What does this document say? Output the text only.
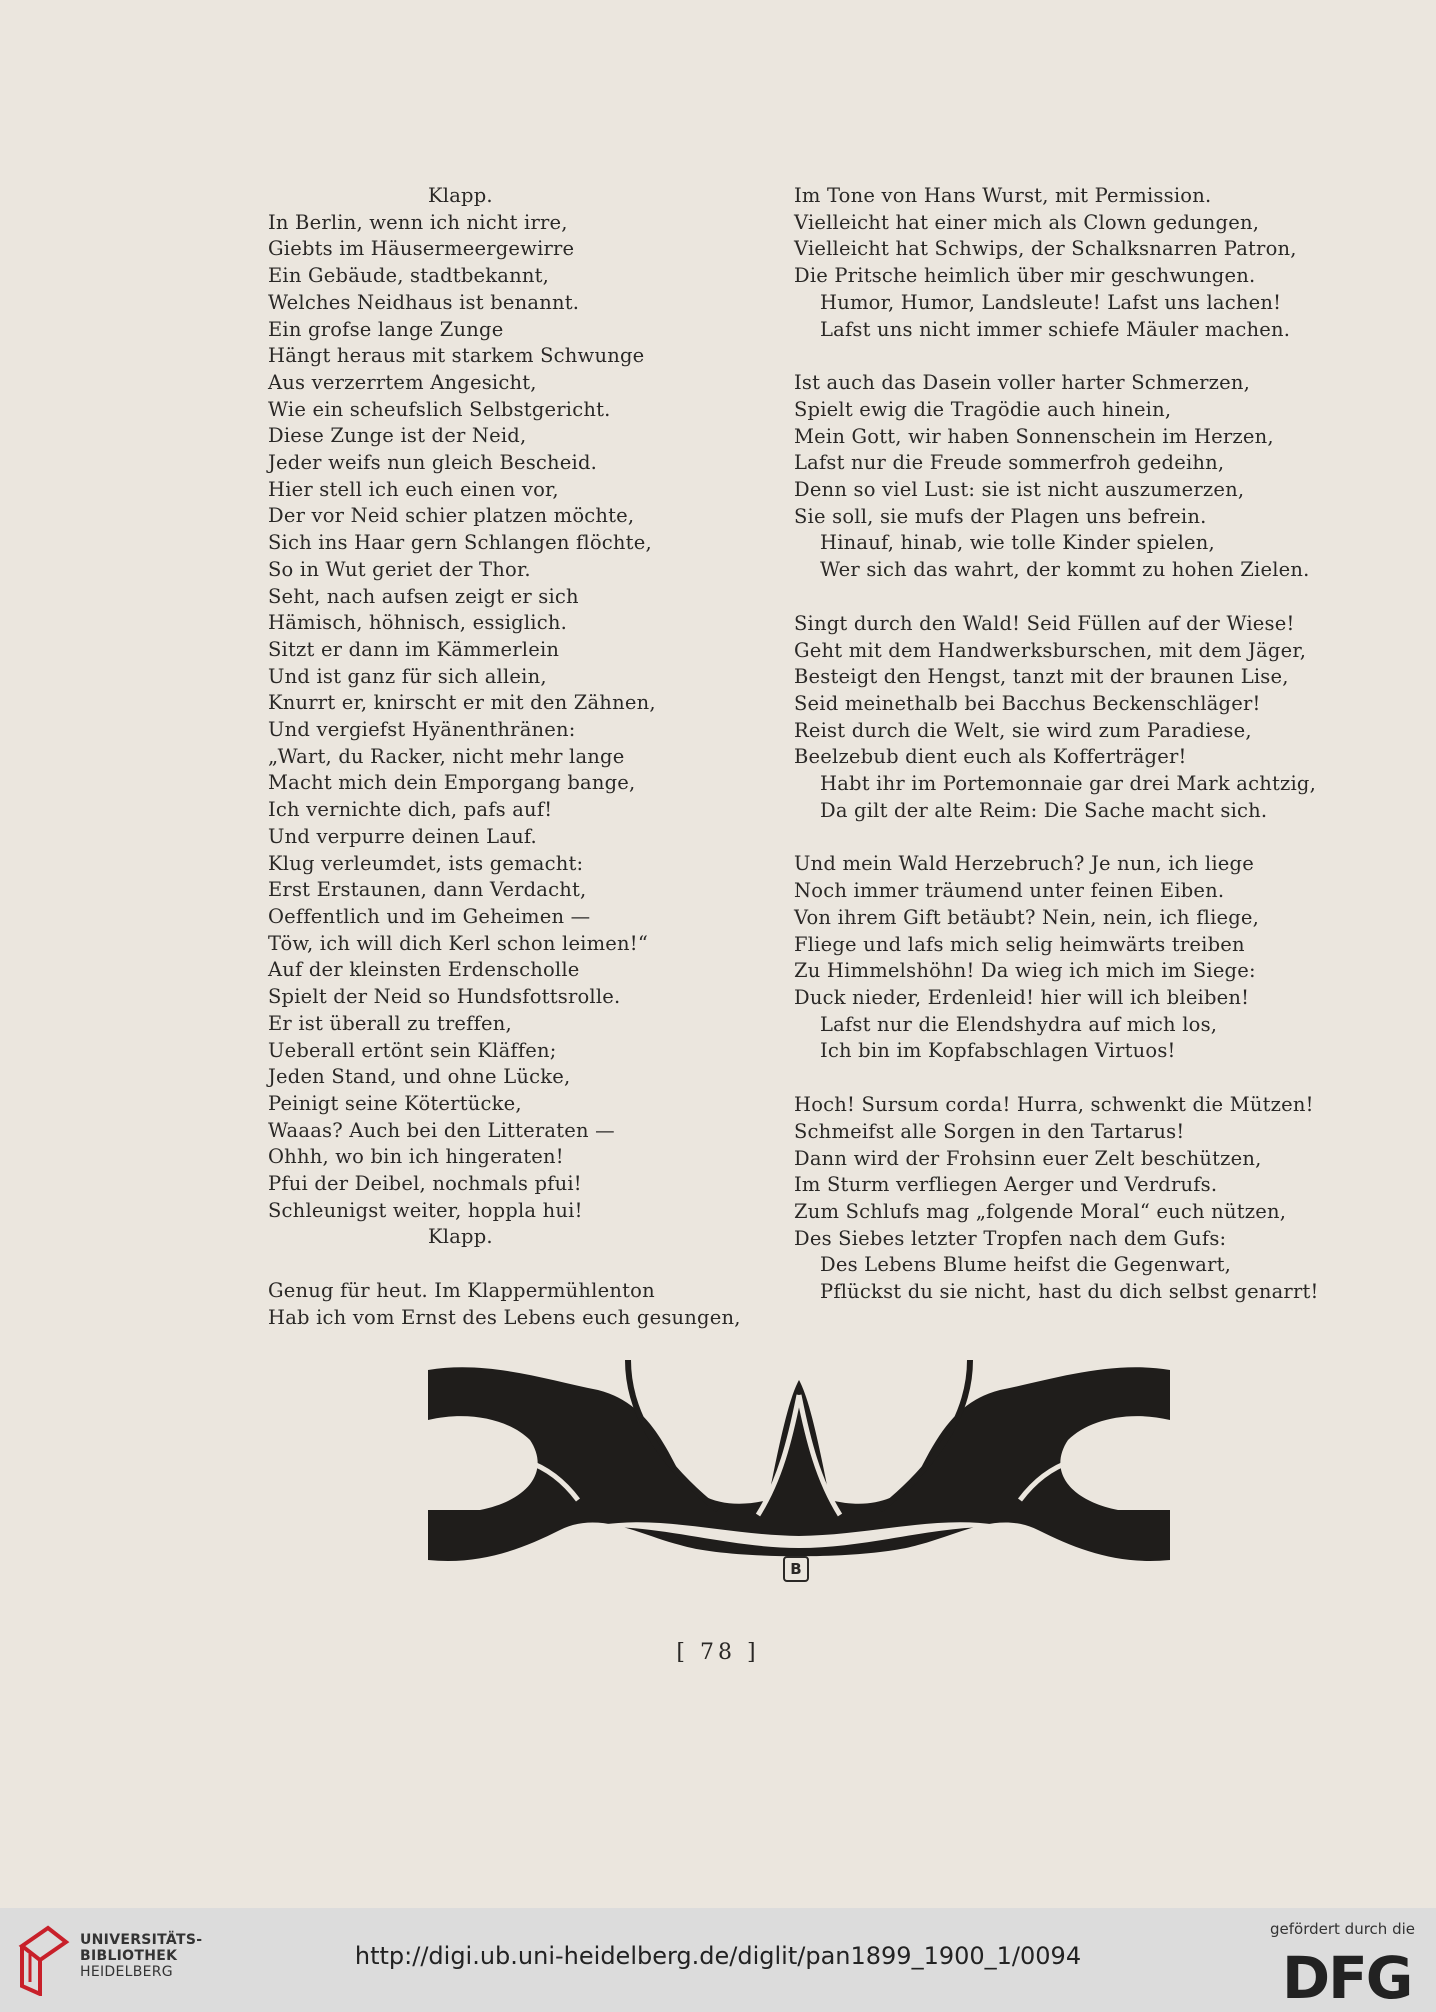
Klapp.
In Berlin, wenn ich nicht irre,
Giebts im Häusermeergewirre
Ein Gebäude, stadtbekannt,
Welches Neidhaus ist benannt.
Ein grofse lange Zunge
Hängt heraus mit starkem Schwunge
Aus verzerrtem Angesicht,
Wie ein scheufslich Selbstgericht.
Diese Zunge ist der Neid,
Jeder weifs nun gleich Bescheid.
Hier stell ich euch einen vor,
Der vor Neid schier platzen möchte,
Sich ins Haar gern Schlangen flöchte,
So in Wut geriet der Thor.
Seht, nach aufsen zeigt er sich
Hämisch, höhnisch, essiglich.
Sitzt er dann im Kämmerlein
Und ist ganz für sich allein,
Knurrt er, knirscht er mit den Zähnen,
Und vergiefst Hyänenthränen:
„Wart, du Racker, nicht mehr lange
Macht mich dein Emporgang bange,
Ich vernichte dich, pafs auf!
Und verpurre deinen Lauf.
Klug verleumdet, ists gemacht:
Erst Erstaunen, dann Verdacht,
Oeffentlich und im Geheimen —
Töw, ich will dich Kerl schon leimen!“
Auf der kleinsten Erdenscholle
Spielt der Neid so Hundsfottsrolle.
Er ist überall zu treffen,
Ueberall ertönt sein Kläffen;
Jeden Stand, und ohne Lücke,
Peinigt seine Kötertücke,
Waaas? Auch bei den Litteraten —
Ohhh, wo bin ich hingeraten!
Pfui der Deibel, nochmals pfui!
Schleunigst weiter, hoppla hui!
Klapp.
Genug für heut. Im Klappermühlenton
Hab ich vom Ernst des Lebens euch gesungen,
Im Tone von Hans Wurst, mit Permission.
Vielleicht hat einer mich als Clown gedungen,
Vielleicht hat Schwips, der Schalksnarren Patron,
Die Pritsche heimlich über mir geschwungen.
Humor, Humor, Landsleute! Lafst uns lachen!
Lafst uns nicht immer schiefe Mäuler machen.
Ist auch das Dasein voller harter Schmerzen,
Spielt ewig die Tragödie auch hinein,
Mein Gott, wir haben Sonnenschein im Herzen,
Lafst nur die Freude sommerfroh gedeihn,
Denn so viel Lust: sie ist nicht auszumerzen,
Sie soll, sie mufs der Plagen uns befrein.
Hinauf, hinab, wie tolle Kinder spielen,
Wer sich das wahrt, der kommt zu hohen Zielen.
Singt durch den Wald! Seid Füllen auf der Wiese!
Geht mit dem Handwerksburschen, mit dem Jäger,
Besteigt den Hengst, tanzt mit der braunen Lise,
Seid meinethalb bei Bacchus Beckenschläger!
Reist durch die Welt, sie wird zum Paradiese,
Beelzebub dient euch als Kofferträger!
Habt ihr im Portemonnaie gar drei Mark achtzig,
Da gilt der alte Reim: Die Sache macht sich.
Und mein Wald Herzebruch? Je nun, ich liege
Noch immer träumend unter feinen Eiben.
Von ihrem Gift betäubt? Nein, nein, ich fliege,
Fliege und lafs mich selig heimwärts treiben
Zu Himmelshöhn! Da wieg ich mich im Siege:
Duck nieder, Erdenleid! hier will ich bleiben!
Lafst nur die Elendshydra auf mich los,
Ich bin im Kopfabschlagen Virtuos!
Hoch! Sursum corda! Hurra, schwenkt die Mützen!
Schmeifst alle Sorgen in den Tartarus!
Dann wird der Frohsinn euer Zelt beschützen,
Im Sturm verfliegen Aerger und Verdrufs.
Zum Schlufs mag „folgende Moral“ euch nützen,
Des Siebes letzter Tropfen nach dem Gufs:
Des Lebens Blume heifst die Gegenwart,
Pflückst du sie nicht, hast du dich selbst genarrt!
B
[ 78 ]
UNIVERSITÄTS-
BIBLIOTHEK
HEIDELBERG
http://digi.ub.uni-heidelberg.de/diglit/pan1899_1900_1/0094
gefördert durch die
DFG
